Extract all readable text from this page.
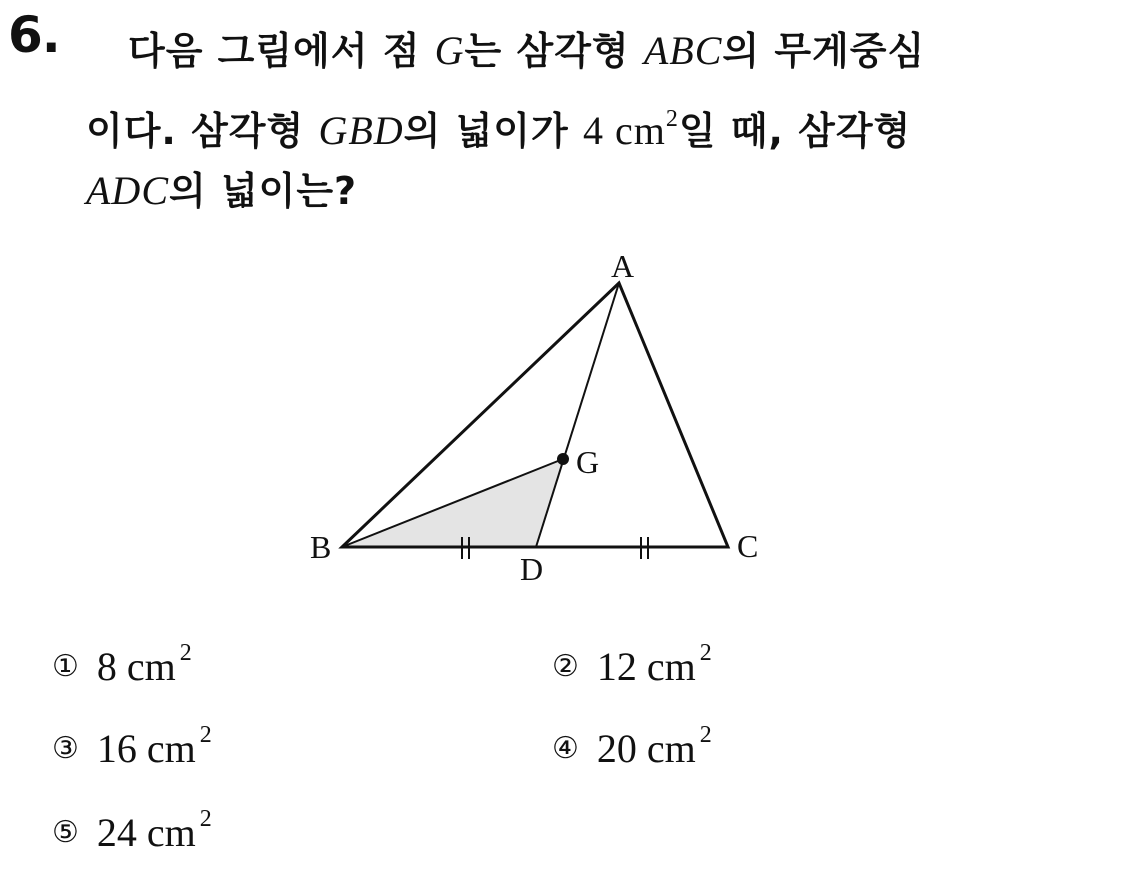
6. 다음 그림에서 점 G는 삼각형 ABC의 무게중심
이다. 삼각형 GBD의 넓이가 4 $cm^2$일 때, 삼각형
ADC의 넓이는?
A
B	C
D
G
① 8 cm $^2$	② 12 cm $^2$
③ 16 cm $^2$	④ 20 cm $^2$
⑤ 24 cm $^2$
